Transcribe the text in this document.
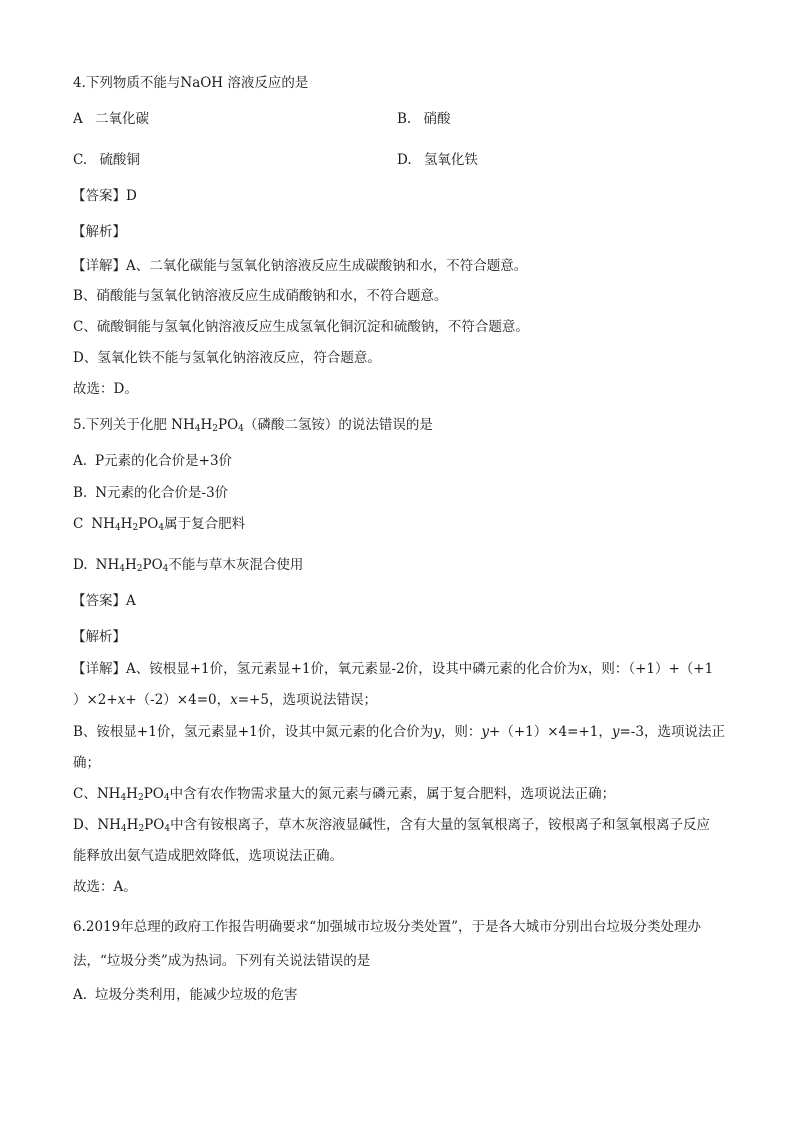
4.下列物质不能与NaOH 溶液反应的是
A 二氧化碳	B. 硝酸
C. 硫酸铜	D. 氢氧化铁
【答案】D
【解析】
【详解】A、二氧化碳能与氢氧化钠溶液反应生成碳酸钠和水，不符合题意。
B、硝酸能与氢氧化钠溶液反应生成硝酸钠和水，不符合题意。
C、硫酸铜能与氢氧化钠溶液反应生成氢氧化铜沉淀和硫酸钠，不符合题意。
D、氢氧化铁不能与氢氧化钠溶液反应，符合题意。
故选：D。
5.下列关于化肥 $NH_4H_2PO_4$（磷酸二氢铵）的说法错误的是
A. P元素的化合价是+3价
B. N元素的化合价是-3价
C $NH_4H_2PO_4$属于复合肥料
D. $NH_4H_2PO_4$不能与草木灰混合使用
【答案】A
【解析】
【详解】A、铵根显+1价，氢元素显+1价，氧元素显-2价，设其中磷元素的化合价为x，则：（+1）+（+1
）×2+x+（-2）×4=0，x=+5，选项说法错误；
B、铵根显+1价，氢元素显+1价，设其中氮元素的化合价为y，则：y+（+1）×4=+1，y=-3，选项说法正
确；
C、$NH_4H_2PO_4$中含有农作物需求量大的氮元素与磷元素，属于复合肥料，选项说法正确；
D、$NH_4H_2PO_4$中含有铵根离子，草木灰溶液显碱性，含有大量的氢氧根离子，铵根离子和氢氧根离子反应
能释放出氨气造成肥效降低，选项说法正确。
故选：A。
6.2019年总理的政府工作报告明确要求“加强城市垃圾分类处置”，于是各大城市分别出台垃圾分类处理办
法，“垃圾分类”成为热词。下列有关说法错误的是
A. 垃圾分类利用，能减少垃圾的危害
